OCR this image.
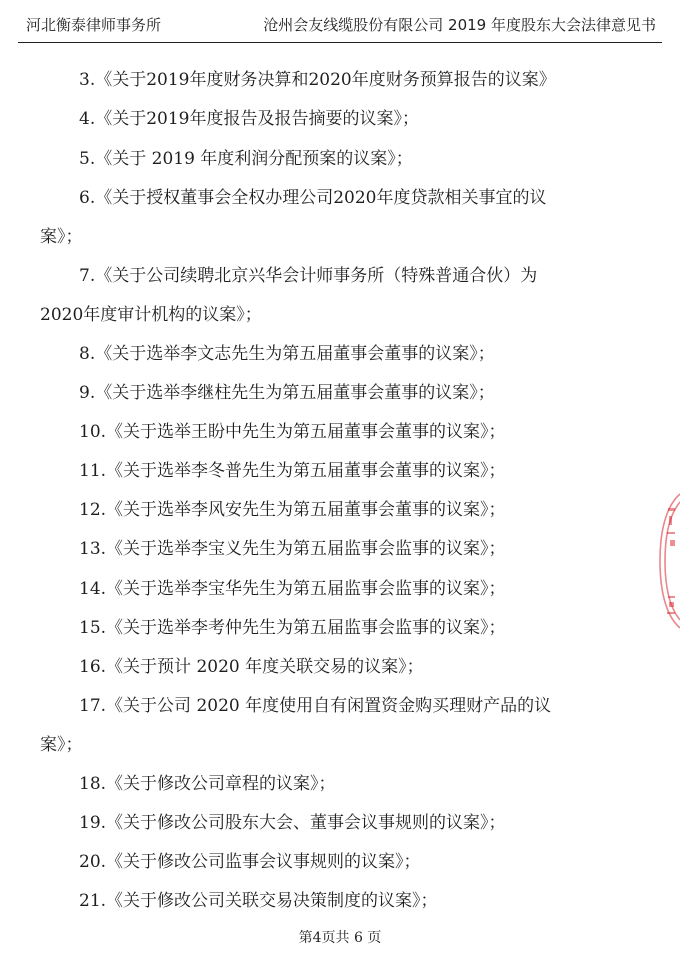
河北衡泰律师事务所	沧州会友线缆股份有限公司 2019 年度股东大会法律意见书
3.《关于2019年度财务决算和2020年度财务预算报告的议案》
4.《关于2019年度报告及报告摘要的议案》；
5.《关于 2019 年度利润分配预案的议案》；
6.《关于授权董事会全权办理公司2020年度贷款相关事宜的议
案》；
7.《关于公司续聘北京兴华会计师事务所（特殊普通合伙）为
2020年度审计机构的议案》；
8.《关于选举李文志先生为第五届董事会董事的议案》；
9.《关于选举李继柱先生为第五届董事会董事的议案》；
10.《关于选举王盼中先生为第五届董事会董事的议案》；
11.《关于选举李冬普先生为第五届董事会董事的议案》；
12.《关于选举李风安先生为第五届董事会董事的议案》；
13.《关于选举李宝义先生为第五届监事会监事的议案》；
14.《关于选举李宝华先生为第五届监事会监事的议案》；
15.《关于选举李考仲先生为第五届监事会监事的议案》；
16.《关于预计 2020 年度关联交易的议案》；
17.《关于公司 2020 年度使用自有闲置资金购买理财产品的议
案》；
18.《关于修改公司章程的议案》；
19.《关于修改公司股东大会、董事会议事规则的议案》；
20.《关于修改公司监事会议事规则的议案》；
21.《关于修改公司关联交易决策制度的议案》；
第4页共 6 页
